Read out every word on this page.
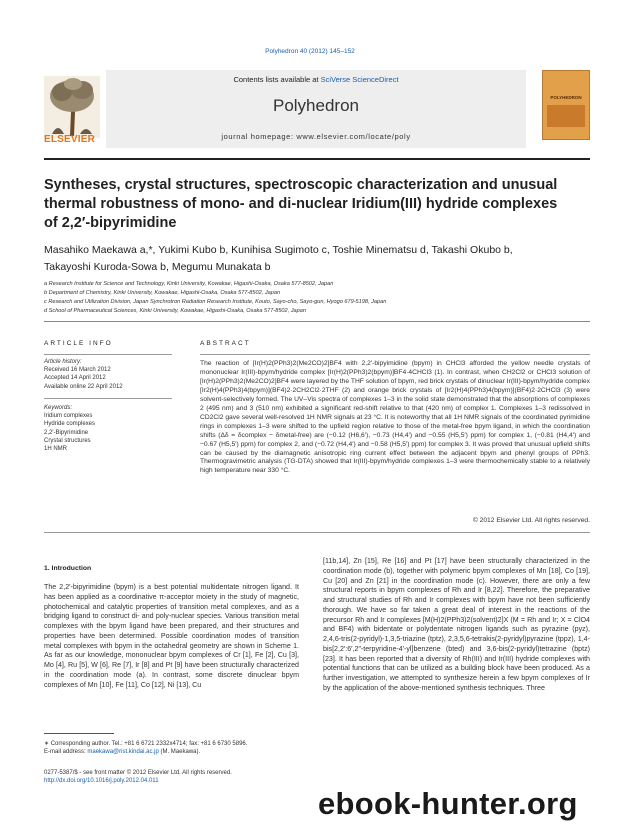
Polyhedron 40 (2012) 145–152
ELSEVIER
Contents lists available at SciVerse ScienceDirect
Polyhedron
journal homepage: www.elsevier.com/locate/poly
POLYHEDRON
Syntheses, crystal structures, spectroscopic characterization and unusual thermal robustness of mono- and di-nuclear Iridium(III) hydride complexes of 2,2′-bipyrimidine
Masahiko Maekawa a,*, Yukimi Kubo b, Kunihisa Sugimoto c, Toshie Minematsu d, Takashi Okubo b,
Takayoshi Kuroda-Sowa b, Megumu Munakata b
a Research Institute for Science and Technology, Kinki University, Kowakae, Higashi-Osaka, Osaka 577-8502, Japan
b Department of Chemistry, Kinki University, Kowakae, Higashi-Osaka, Osaka 577-8502, Japan
c Research and Utilization Division, Japan Synchrotron Radiation Research Institute, Kouto, Sayo-cho, Sayo-gun, Hyogo 679-5198, Japan
d School of Pharmaceutical Sciences, Kinki University, Kowakae, Higashi-Osaka, Osaka 577-8502, Japan
ARTICLE INFO
Article history:
Received 16 March 2012
Accepted 14 April 2012
Available online 22 April 2012
Keywords:
Iridium complexes
Hydride complexes
2,2′-Bipyrimidine
Crystal structures
1H NMR
ABSTRACT

The reaction of [Ir(H)2(PPh3)2(Me2CO)2]BF4 with 2,2′-bipyimidine (bpym) in CHCl3 afforded the yellow needle crystals of mononuclear Ir(III)-bpym/hydride complex [Ir(H)2(PPh3)2(bpym)]BF4·4CHCl3 (1). In contrast, when CH2Cl2 or CHCl3 solution of [Ir(H)2(PPh3)2(Me2CO)2]BF4 were layered by the THF solution of bpym, red brick crystals of dinuclear Ir(III)-bpym/hydride complex [Ir2(H)4(PPh3)4(bpym)](BF4)2·2CH2Cl2·2THF (2) and orange brick crystals of [Ir2(H)4(PPh3)4(bpym)](BF4)2·2CHCl3 (3) were solvent-selectively formed. The UV–Vis spectra of complexes 1–3 in the solid state demonstrated that the absorptions of complexes 2 (495 nm) and 3 (510 nm) exhibited a significant red-shift relative to that (420 nm) of complex 1. Complexes 1–3 redissolved in CD2Cl2 gave several well-resolved 1H NMR signals at 23 °C. It is noteworthy that all 1H NMR signals of the coordinated pyrimidine rings in complexes 1–3 were shifted to the upfield region relative to those of the metal-free bpym ligand, in which the coordination shifts (Δδ = δcomplex − δmetal-free) are (−0.12 (H6,6′), −0.73 (H4,4′) and −0.55 (H5,5′) ppm) for complex 1, (−0.81 (H4,4′) and −0.67 (H5,5′) ppm) for complex 2, and (−0.72 (H4,4′) and −0.58 (H5,5′) ppm) for complex 3. It was proved that unusual upfield shifts can be caused by the diamagnetic anisotropic ring current effect between the adjacent bpym and phenyl groups of PPh3. Thermogravimetric analysis (TG-DTA) showed that Ir(III)-bpym/hydride complexes 1–3 were thermochemically stable to a relatively high temperature near 330 °C.

© 2012 Elsevier Ltd. All rights reserved.
1. Introduction

The 2,2′-bipyrimidine (bpym) is a best potential multidentate nitrogen ligand. It has been applied as a coordinative π-acceptor moiety in the study of magnetic, photochemical and catalytic properties of transition metal complexes, and as a bridging ligand to construct di- and poly-nuclear species. Various transition metal complexes with the bpym ligand have been prepared, and their structures and properties have been determined. Possible coordination modes of transition metal complexes with bpym in the octahedral geometry are shown in Scheme 1. As far as our knowledge, mononuclear bpym complexes of Cr [1], Fe [2], Cu [3], Mo [4], Ru [5], W [6], Re [7], Ir [8] and Pt [9] have been structurally characterized in the coordination mode (a). In contrast, some discrete dinuclear bpym complexes of Mn [10], Fe [11], Co [12], Ni [13], Cu

[11b,14], Zn [15], Re [16] and Pt [17] have been structurally characterized in the coordination mode (b), together with polymeric bpym complexes of Mn [18], Co [19], Cu [20] and Zn [21] in the coordination mode (c). However, there are only a few structural reports in bpym complexes of Rh and Ir [8,22]. Therefore, the preparative and structural studies of Rh and Ir complexes with bpym have not been sufficiently thorough. We have so far taken a great deal of interest in the reactions of the precursor Rh and Ir complexes [M(H)2(PPh3)2(solvent)2]X (M = Rh and Ir; X = ClO4 and BF4) with bidentate or polydentate nitrogen ligands such as pyrazine (pyz), 2,4,6-tris(2-pyridyl)-1,3,5-triazine (tptz), 2,3,5,6-tetrakis(2-pyridyl)pyrazine (tppz), 1,4-bis[2,2′:6′,2″-terpyridine-4′-yl]benzene (bted) and 3,6-bis(2-pyridyl)tetrazine (bptz) [23]. It has been reported that a diversity of Rh(III) and Ir(III) hydride complexes with potential functions that can be utilized as a building block have been produced. As a further investigation, we attempted to synthesize herein a few bpym complexes of Ir by the application of the above-mentioned synthesis techniques. Three

∗ Corresponding author. Tel.: +81 6 6721 2332x4714; fax: +81 6 6730 5896.
E-mail address: maekawa@rist.kindai.ac.jp (M. Maekawa).
0277-5387/$ - see front matter © 2012 Elsevier Ltd. All rights reserved.
http://dx.doi.org/10.1016/j.poly.2012.04.011
ebook-hunter.org
